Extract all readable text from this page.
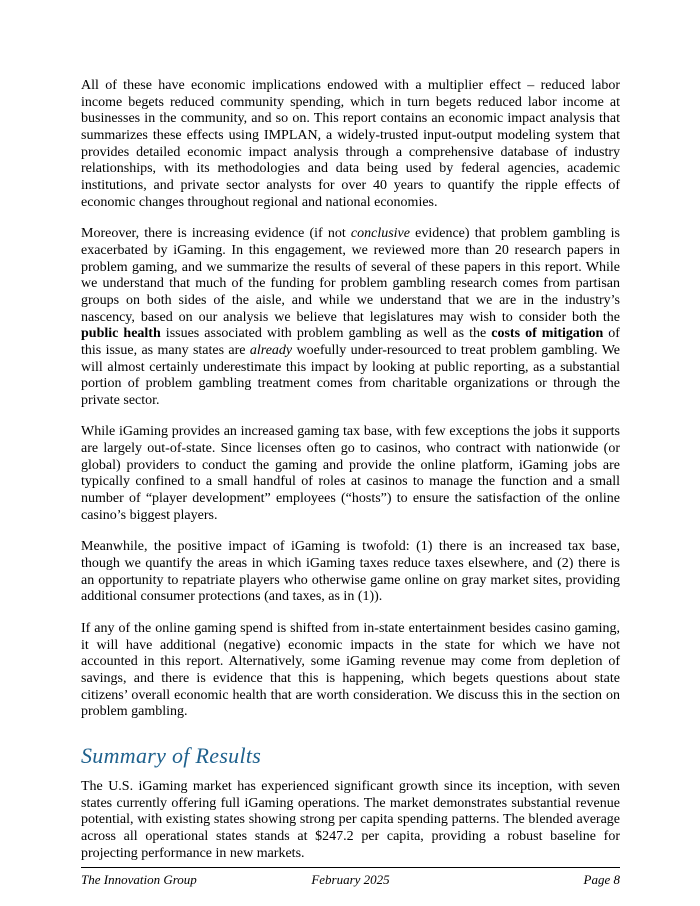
All of these have economic implications endowed with a multiplier effect – reduced labor income begets reduced community spending, which in turn begets reduced labor income at businesses in the community, and so on. This report contains an economic impact analysis that summarizes these effects using IMPLAN, a widely-trusted input-output modeling system that provides detailed economic impact analysis through a comprehensive database of industry relationships, with its methodologies and data being used by federal agencies, academic institutions, and private sector analysts for over 40 years to quantify the ripple effects of economic changes throughout regional and national economies.

Moreover, there is increasing evidence (if not conclusive evidence) that problem gambling is exacerbated by iGaming. In this engagement, we reviewed more than 20 research papers in problem gaming, and we summarize the results of several of these papers in this report. While we understand that much of the funding for problem gambling research comes from partisan groups on both sides of the aisle, and while we understand that we are in the industry’s nascency, based on our analysis we believe that legislatures may wish to consider both the public health issues associated with problem gambling as well as the costs of mitigation of this issue, as many states are already woefully under-resourced to treat problem gambling. We will almost certainly underestimate this impact by looking at public reporting, as a substantial portion of problem gambling treatment comes from charitable organizations or through the private sector.

While iGaming provides an increased gaming tax base, with few exceptions the jobs it supports are largely out-of-state. Since licenses often go to casinos, who contract with nationwide (or global) providers to conduct the gaming and provide the online platform, iGaming jobs are typically confined to a small handful of roles at casinos to manage the function and a small number of “player development” employees (“hosts”) to ensure the satisfaction of the online casino’s biggest players.

Meanwhile, the positive impact of iGaming is twofold: (1) there is an increased tax base, though we quantify the areas in which iGaming taxes reduce taxes elsewhere, and (2) there is an opportunity to repatriate players who otherwise game online on gray market sites, providing additional consumer protections (and taxes, as in (1)).

If any of the online gaming spend is shifted from in-state entertainment besides casino gaming, it will have additional (negative) economic impacts in the state for which we have not accounted in this report. Alternatively, some iGaming revenue may come from depletion of savings, and there is evidence that this is happening, which begets questions about state citizens’ overall economic health that are worth consideration. We discuss this in the section on problem gambling.

Summary of Results

The U.S. iGaming market has experienced significant growth since its inception, with seven states currently offering full iGaming operations. The market demonstrates substantial revenue potential, with existing states showing strong per capita spending patterns. The blended average across all operational states stands at $247.2 per capita, providing a robust baseline for projecting performance in new markets.

The Innovation Group	February 2025	Page 8
